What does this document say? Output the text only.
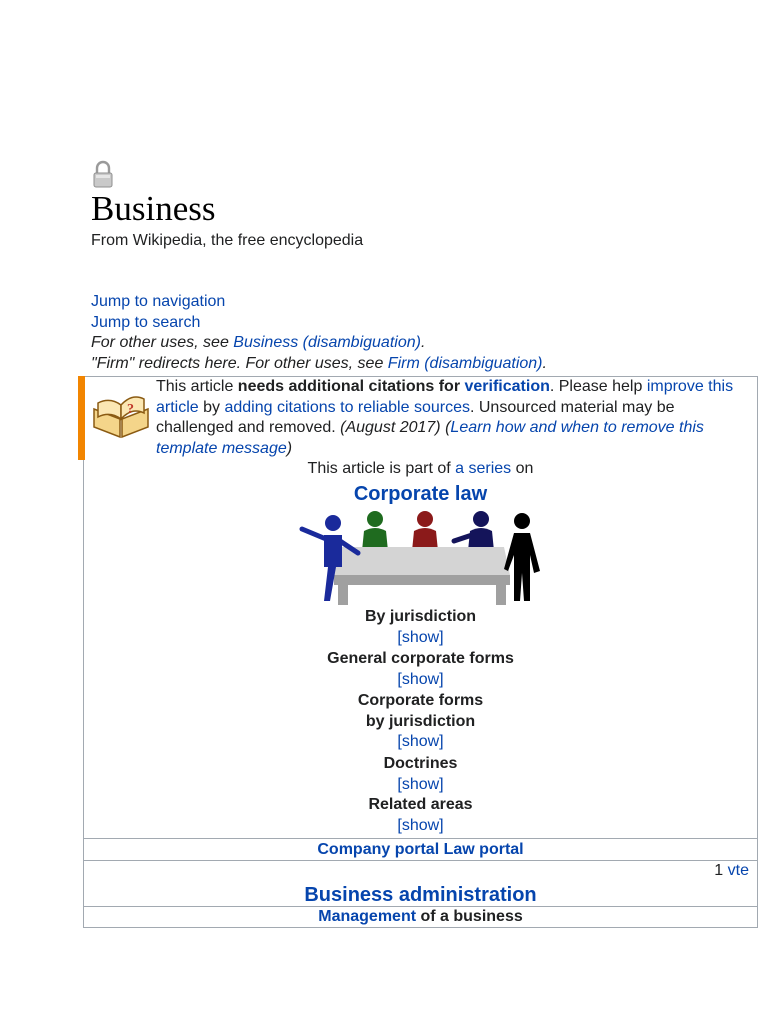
Business
From Wikipedia, the free encyclopedia
Jump to navigation
Jump to search
For other uses, see Business (disambiguation).
"Firm" redirects here. For other uses, see Firm (disambiguation).
?
This article needs additional citations for verification. Please help improve this article by adding citations to reliable sources. Unsourced material may be challenged and removed. (August 2017) (Learn how and when to remove this template message)
This article is part of a series on
Corporate law
By jurisdiction
[show]
General corporate forms
[show]
Corporate forms
by jurisdiction
[show]
Doctrines
[show]
Related areas
[show]
Company portal Law portal
1 vte
Business administration
Management of a business
